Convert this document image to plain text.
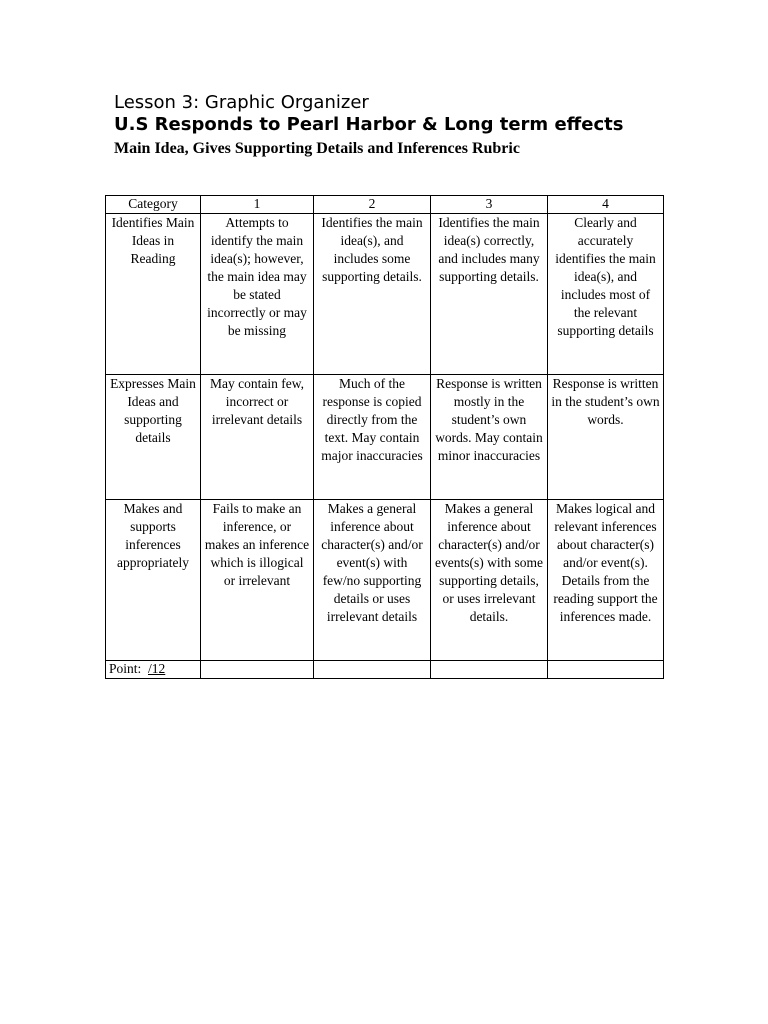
Lesson 3: Graphic Organizer
U.S Responds to Pearl Harbor & Long term effects
Main Idea, Gives Supporting Details and Inferences Rubric
Category	1	2	3	4
Identifies Main Ideas in Reading	Attempts to identify the main idea(s); however, the main idea may be stated incorrectly or may be missing	Identifies the main idea(s), and includes some supporting details.	Identifies the main idea(s) correctly, and includes many supporting details.	Clearly and accurately identifies the main idea(s), and includes most of the relevant supporting details
Expresses Main Ideas and supporting details	May contain few, incorrect or irrelevant details	Much of the response is copied directly from the text. May contain major inaccuracies	Response is written mostly in the student’s own words. May contain minor inaccuracies	Response is written in the student’s own words.
Makes and supports inferences appropriately	Fails to make an inference, or makes an inference which is illogical or irrelevant	Makes a general inference about character(s) and/or event(s) with few/no supporting details or uses irrelevant details	Makes a general inference about character(s) and/or events(s) with some supporting details, or uses irrelevant details.	Makes logical and relevant inferences about character(s) and/or event(s). Details from the reading support the inferences made.
Point: /12				
